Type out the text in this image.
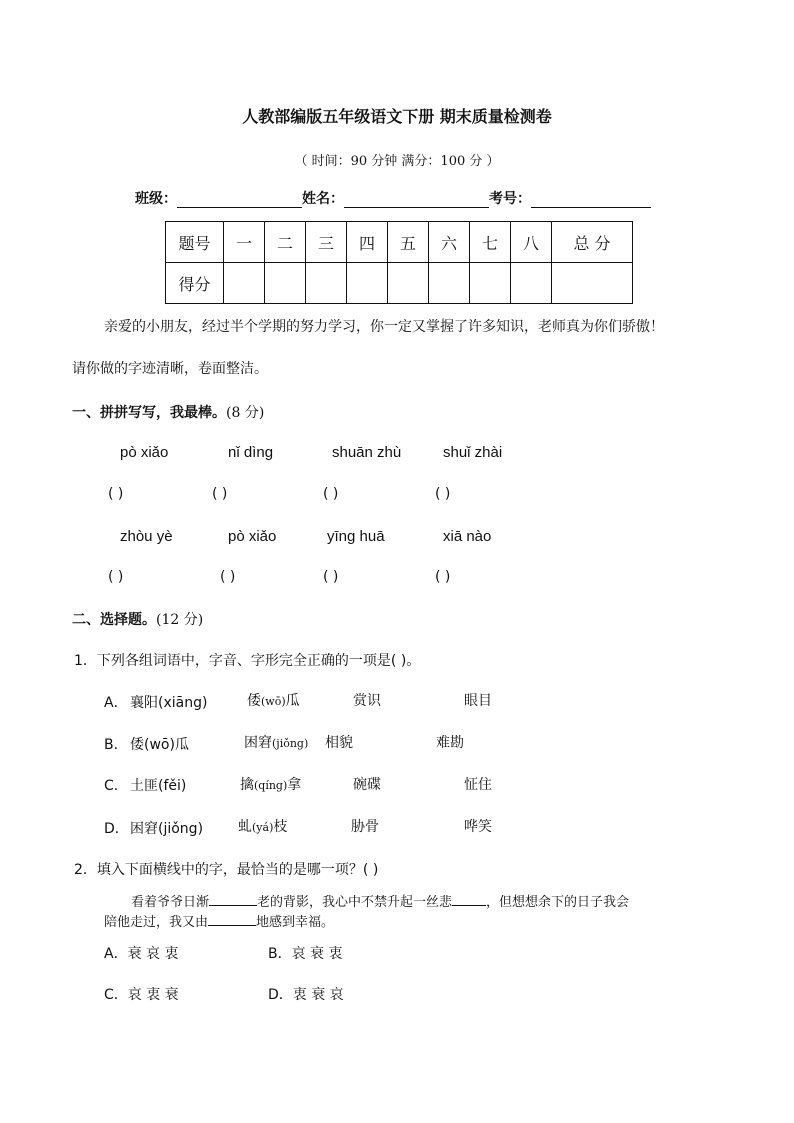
人教部编版五年级语文下册 期末质量检测卷
（ 时间：90 分钟 满分：100 分 ）
班级：	姓名：	考号：
题号	一	二	三	四	五	六	七	八	总 分
得分									
亲爱的小朋友，经过半个学期的努力学习，你一定又掌握了许多知识，老师真为你们骄傲！
请你做的字迹清晰，卷面整洁。
一、拼拼写写，我最棒。(8 分)
pò xiǎo	nǐ dìng	shuān zhù	shuǐ zhài
( )	( )	( )	( )
zhòu yè	pò xiǎo	yīng huā	xiā nào
( )	( )	( )	( )
二、选择题。(12 分)
1．下列各组词语中，字音、字形完全正确的一项是( )。
A． 襄阳(xiāng)	倭(wō)瓜	赏识	眼目
B． 倭(wō)瓜	困窘(jiǒng) 相貌	难勘
C． 土匪(fěi)	擒(qíng)拿	碗碟	怔住
D． 困窘(jiǒng) 虬(yá)枝	胁骨	哗笑
2．填入下面横线中的字，最恰当的是哪一项？( )
看着爷爷日渐	老的背影，我心中不禁升起一丝悲	，但想想余下的日子我会
陪他走过，我又由	地感到幸福。
A．衰 哀 衷	B．哀 衰 衷
C．哀 衷 衰	D．衷 衰 哀
